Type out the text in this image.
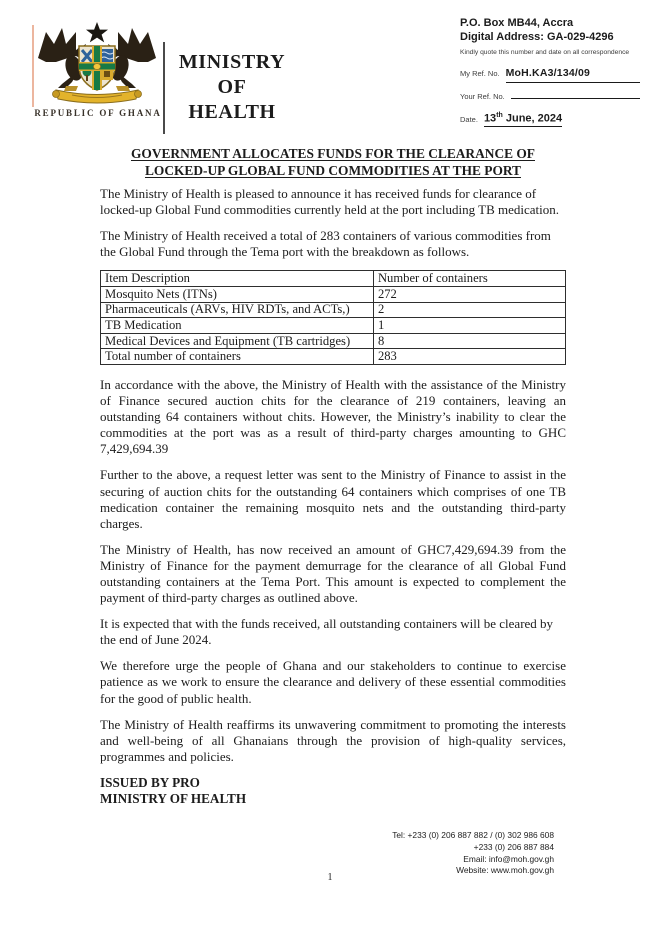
REPUBLIC OF GHANA
MINISTRY
OF
HEALTH
P.O. Box MB44, Accra
Digital Address: GA-029-4296
Kindly quote this number and date on all correspondence
My Ref. No. MoH.KA3/134/09
Your Ref. No.
Date. 13th June, 2024
GOVERNMENT ALLOCATES FUNDS FOR THE CLEARANCE OF
LOCKED-UP GLOBAL FUND COMMODITIES AT THE PORT

The Ministry of Health is pleased to announce it has received funds for clearance of locked-up Global Fund commodities currently held at the port including TB medication.

The Ministry of Health received a total of 283 containers of various commodities from the Global Fund through the Tema port with the breakdown as follows.

Item Description	Number of containers
Mosquito Nets (ITNs)	272
Pharmaceuticals (ARVs, HIV RDTs, and ACTs,)	2
TB Medication	1
Medical Devices and Equipment (TB cartridges)	8
Total number of containers	283

In accordance with the above, the Ministry of Health with the assistance of the Ministry of Finance secured auction chits for the clearance of 219 containers, leaving an outstanding 64 containers without chits. However, the Ministry’s inability to clear the commodities at the port was as a result of third-party charges amounting to GHC 7,429,694.39

Further to the above, a request letter was sent to the Ministry of Finance to assist in the securing of auction chits for the outstanding 64 containers which comprises of one TB medication container the remaining mosquito nets and the outstanding third-party charges.

The Ministry of Health, has now received an amount of GHC7,429,694.39 from the Ministry of Finance for the payment demurrage for the clearance of all Global Fund outstanding containers at the Tema Port. This amount is expected to complement the payment of third-party charges as outlined above.

It is expected that with the funds received, all outstanding containers will be cleared by the end of June 2024.

We therefore urge the people of Ghana and our stakeholders to continue to exercise patience as we work to ensure the clearance and delivery of these essential commodities for the good of public health.

The Ministry of Health reaffirms its unwavering commitment to promoting the interests and well-being of all Ghanaians through the provision of high-quality services, programmes and policies.

ISSUED BY PRO
MINISTRY OF HEALTH
Tel: +233 (0) 206 887 882 / (0) 302 986 608
+233 (0) 206 887 884
Email: info@moh.gov.gh
Website: www.moh.gov.gh
1
